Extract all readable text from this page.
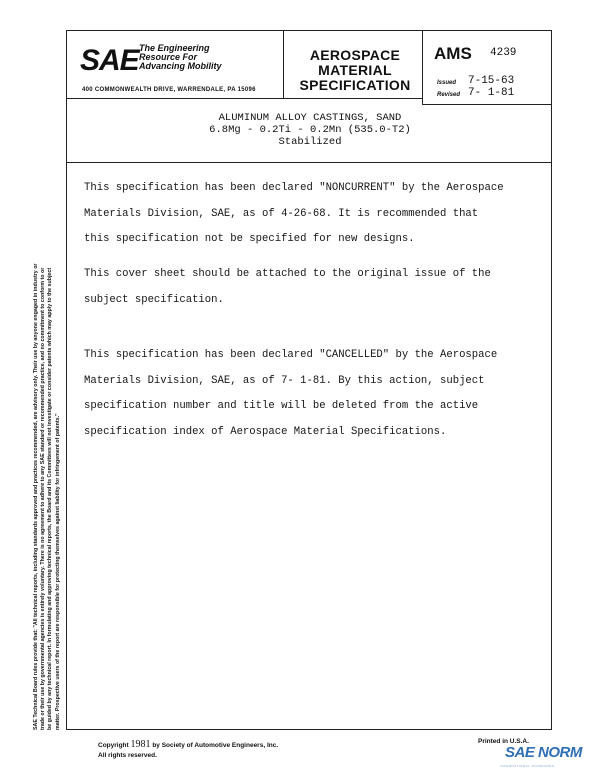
SAE The Engineering
Resource For
Advancing Mobility
400 COMMONWEALTH DRIVE, WARRENDALE, PA 15096
AEROSPACE
MATERIAL
SPECIFICATION
AMS 4239
Issued 7-15-63
Revised 7- 1-81
ALUMINUM ALLOY CASTINGS, SAND
6.8Mg - 0.2Ti - 0.2Mn (535.0-T2)
Stabilized
This specification has been declared "NONCURRENT" by the Aerospace
Materials Division, SAE, as of 4-26-68. It is recommended that
this specification not be specified for new designs.
This cover sheet should be attached to the original issue of the
subject specification.
This specification has been declared "CANCELLED" by the Aerospace
Materials Division, SAE, as of 7- 1-81. By this action, subject
specification number and title will be deleted from the active
specification index of Aerospace Material Specifications.
SAE Technical Board rules provide that: "All technical reports, including standards approved and practices recommended, are advisory only. Their use by anyone engaged in industry or trade or their use by governmental agencies is entirely voluntary. There is no agreement to adhere to any SAE standard or recommended practice, and no commitment to conform to or be guided by any technical report. In formulating and approving technical reports, the Board and its Committees will not investigate or consider patents which may apply to the subject matter. Prospective users of the report are responsible for protecting themselves against liability for infringement of patents."
Copyright 1981 by Society of Automotive Engineers, Inc.
All rights reserved.
Printed in U.S.A.
SAE NORM
INTERNATIONAL STANDARDS
